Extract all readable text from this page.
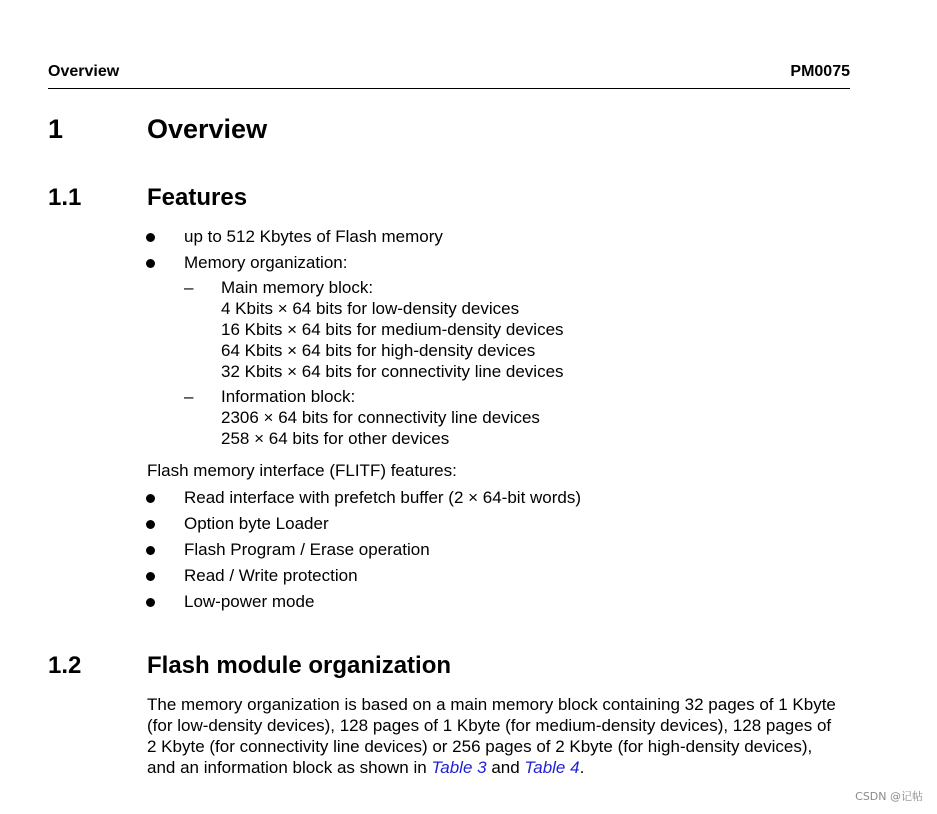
Overview	PM0075
1	Overview
1.1	Features
up to 512 Kbytes of Flash memory
Memory organization:
– Main memory block:
4 Kbits × 64 bits for low-density devices
16 Kbits × 64 bits for medium-density devices
64 Kbits × 64 bits for high-density devices
32 Kbits × 64 bits for connectivity line devices
– Information block:
2306 × 64 bits for connectivity line devices
258 × 64 bits for other devices
Flash memory interface (FLITF) features:
Read interface with prefetch buffer (2 × 64-bit words)
Option byte Loader
Flash Program / Erase operation
Read / Write protection
Low-power mode
1.2	Flash module organization
The memory organization is based on a main memory block containing 32 pages of 1 Kbyte
(for low-density devices), 128 pages of 1 Kbyte (for medium-density devices), 128 pages of
2 Kbyte (for connectivity line devices) or 256 pages of 2 Kbyte (for high-density devices),
and an information block as shown in Table 3 and Table 4.
CSDN @记帖
